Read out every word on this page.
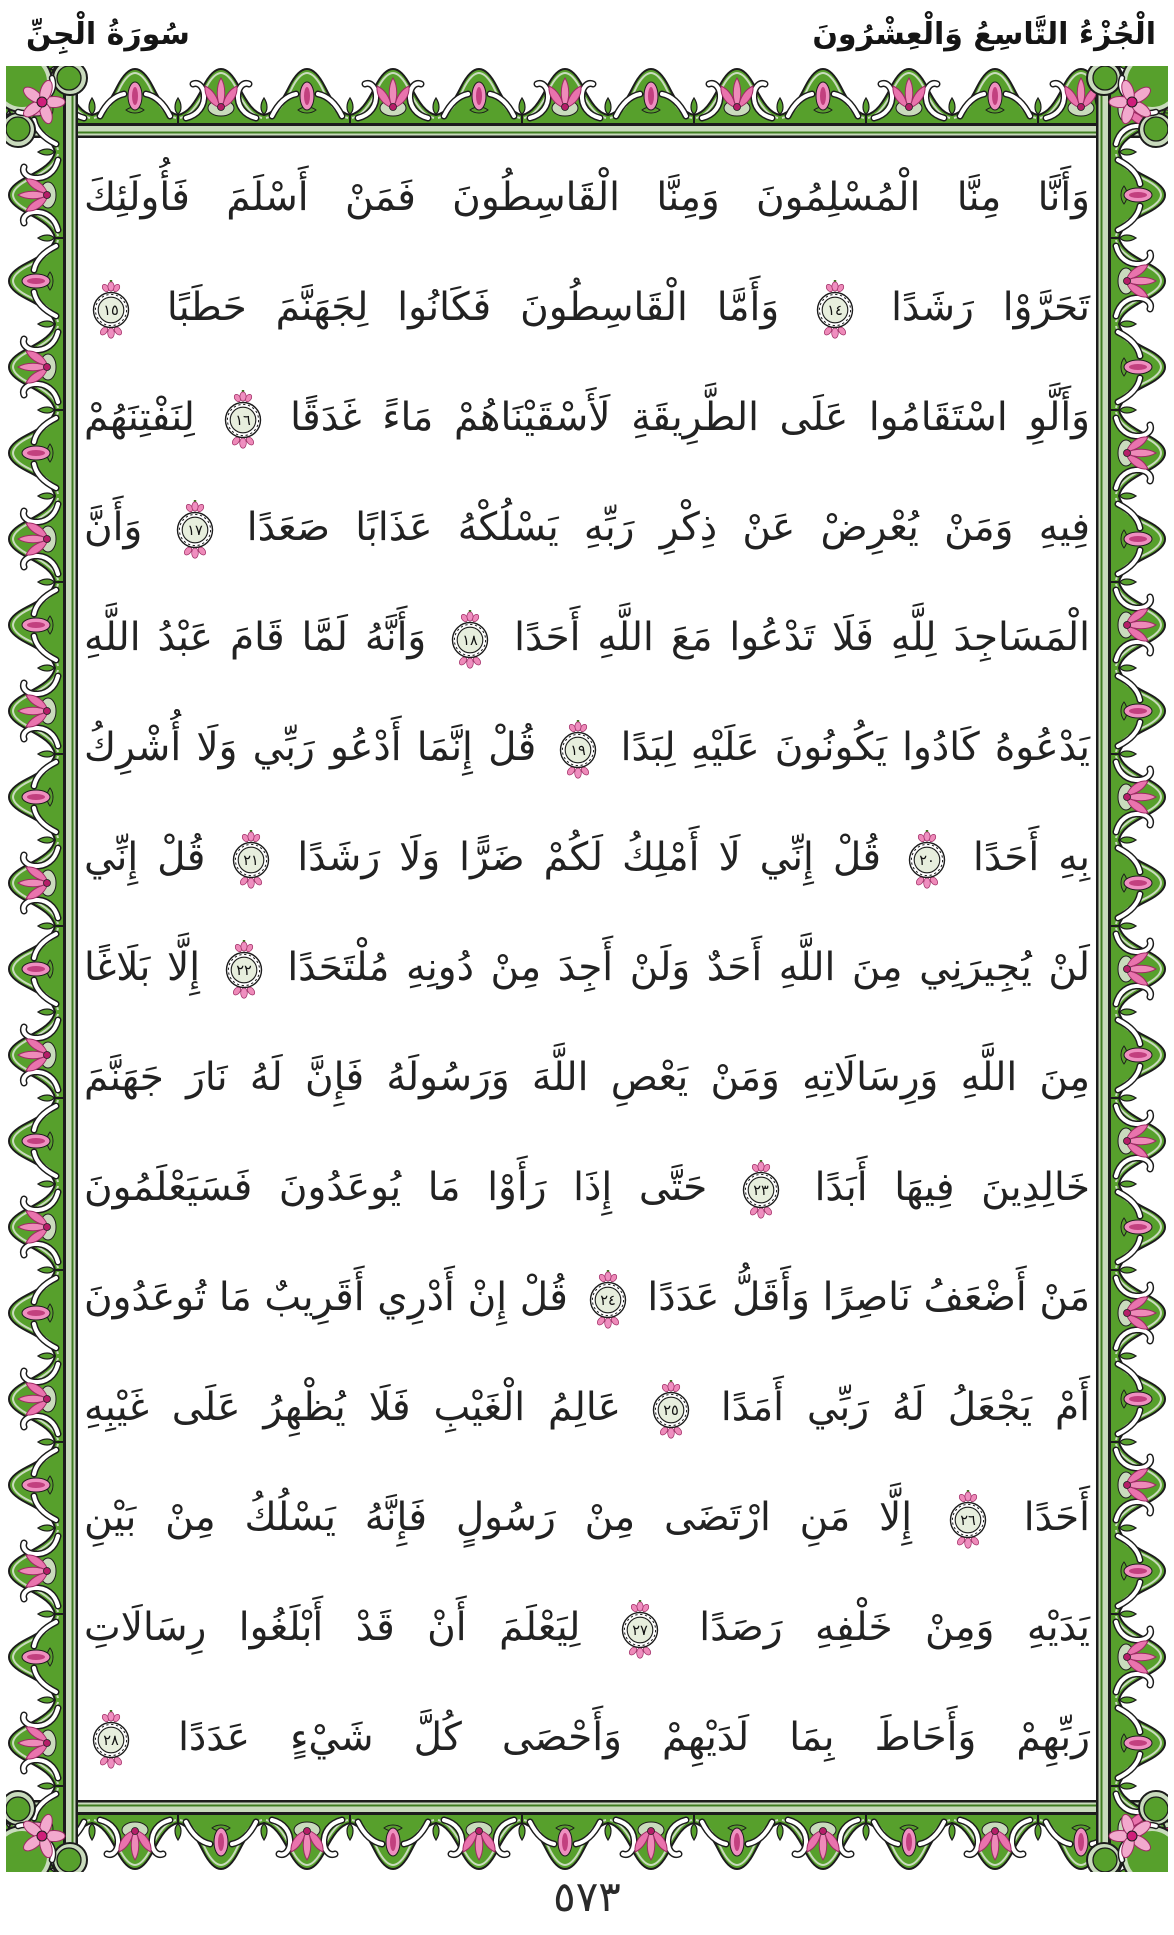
الْجُزْءُ التَّاسِعُ وَالْعِشْرُونَ
سُورَةُ الْجِنِّ
وَأَنَّا مِنَّا الْمُسْلِمُونَ وَمِنَّا الْقَاسِطُونَ فَمَنْ أَسْلَمَ فَأُولَئِكَ
تَحَرَّوْا رَشَدًا
١٤
وَأَمَّا الْقَاسِطُونَ فَكَانُوا لِجَهَنَّمَ حَطَبًا
١٥
وَأَلَّوِ اسْتَقَامُوا عَلَى الطَّرِيقَةِ لَأَسْقَيْنَاهُمْ مَاءً غَدَقًا
١٦
لِنَفْتِنَهُمْ
فِيهِ وَمَنْ يُعْرِضْ عَنْ ذِكْرِ رَبِّهِ يَسْلُكْهُ عَذَابًا صَعَدًا
١٧
وَأَنَّ
الْمَسَاجِدَ لِلَّهِ فَلَا تَدْعُوا مَعَ اللَّهِ أَحَدًا
١٨
وَأَنَّهُ لَمَّا قَامَ عَبْدُ اللَّهِ
يَدْعُوهُ كَادُوا يَكُونُونَ عَلَيْهِ لِبَدًا
١٩
قُلْ إِنَّمَا أَدْعُو رَبِّي وَلَا أُشْرِكُ
بِهِ أَحَدًا
٢٠
قُلْ إِنِّي لَا أَمْلِكُ لَكُمْ ضَرًّا وَلَا رَشَدًا
٢١
قُلْ إِنِّي
لَنْ يُجِيرَنِي مِنَ اللَّهِ أَحَدٌ وَلَنْ أَجِدَ مِنْ دُونِهِ مُلْتَحَدًا
٢٢
إِلَّا بَلَاغًا
مِنَ اللَّهِ وَرِسَالَاتِهِ وَمَنْ يَعْصِ اللَّهَ وَرَسُولَهُ فَإِنَّ لَهُ نَارَ جَهَنَّمَ
خَالِدِينَ فِيهَا أَبَدًا
٢٣
حَتَّى إِذَا رَأَوْا مَا يُوعَدُونَ فَسَيَعْلَمُونَ
مَنْ أَضْعَفُ نَاصِرًا وَأَقَلُّ عَدَدًا
٢٤
قُلْ إِنْ أَدْرِي أَقَرِيبٌ مَا تُوعَدُونَ
أَمْ يَجْعَلُ لَهُ رَبِّي أَمَدًا
٢٥
عَالِمُ الْغَيْبِ فَلَا يُظْهِرُ عَلَى غَيْبِهِ
أَحَدًا
٢٦
إِلَّا مَنِ ارْتَضَى مِنْ رَسُولٍ فَإِنَّهُ يَسْلُكُ مِنْ بَيْنِ
يَدَيْهِ وَمِنْ خَلْفِهِ رَصَدًا
٢٧
لِيَعْلَمَ أَنْ قَدْ أَبْلَغُوا رِسَالَاتِ
رَبِّهِمْ وَأَحَاطَ بِمَا لَدَيْهِمْ وَأَحْصَى كُلَّ شَيْءٍ عَدَدًا
٢٨
٥٧٣
